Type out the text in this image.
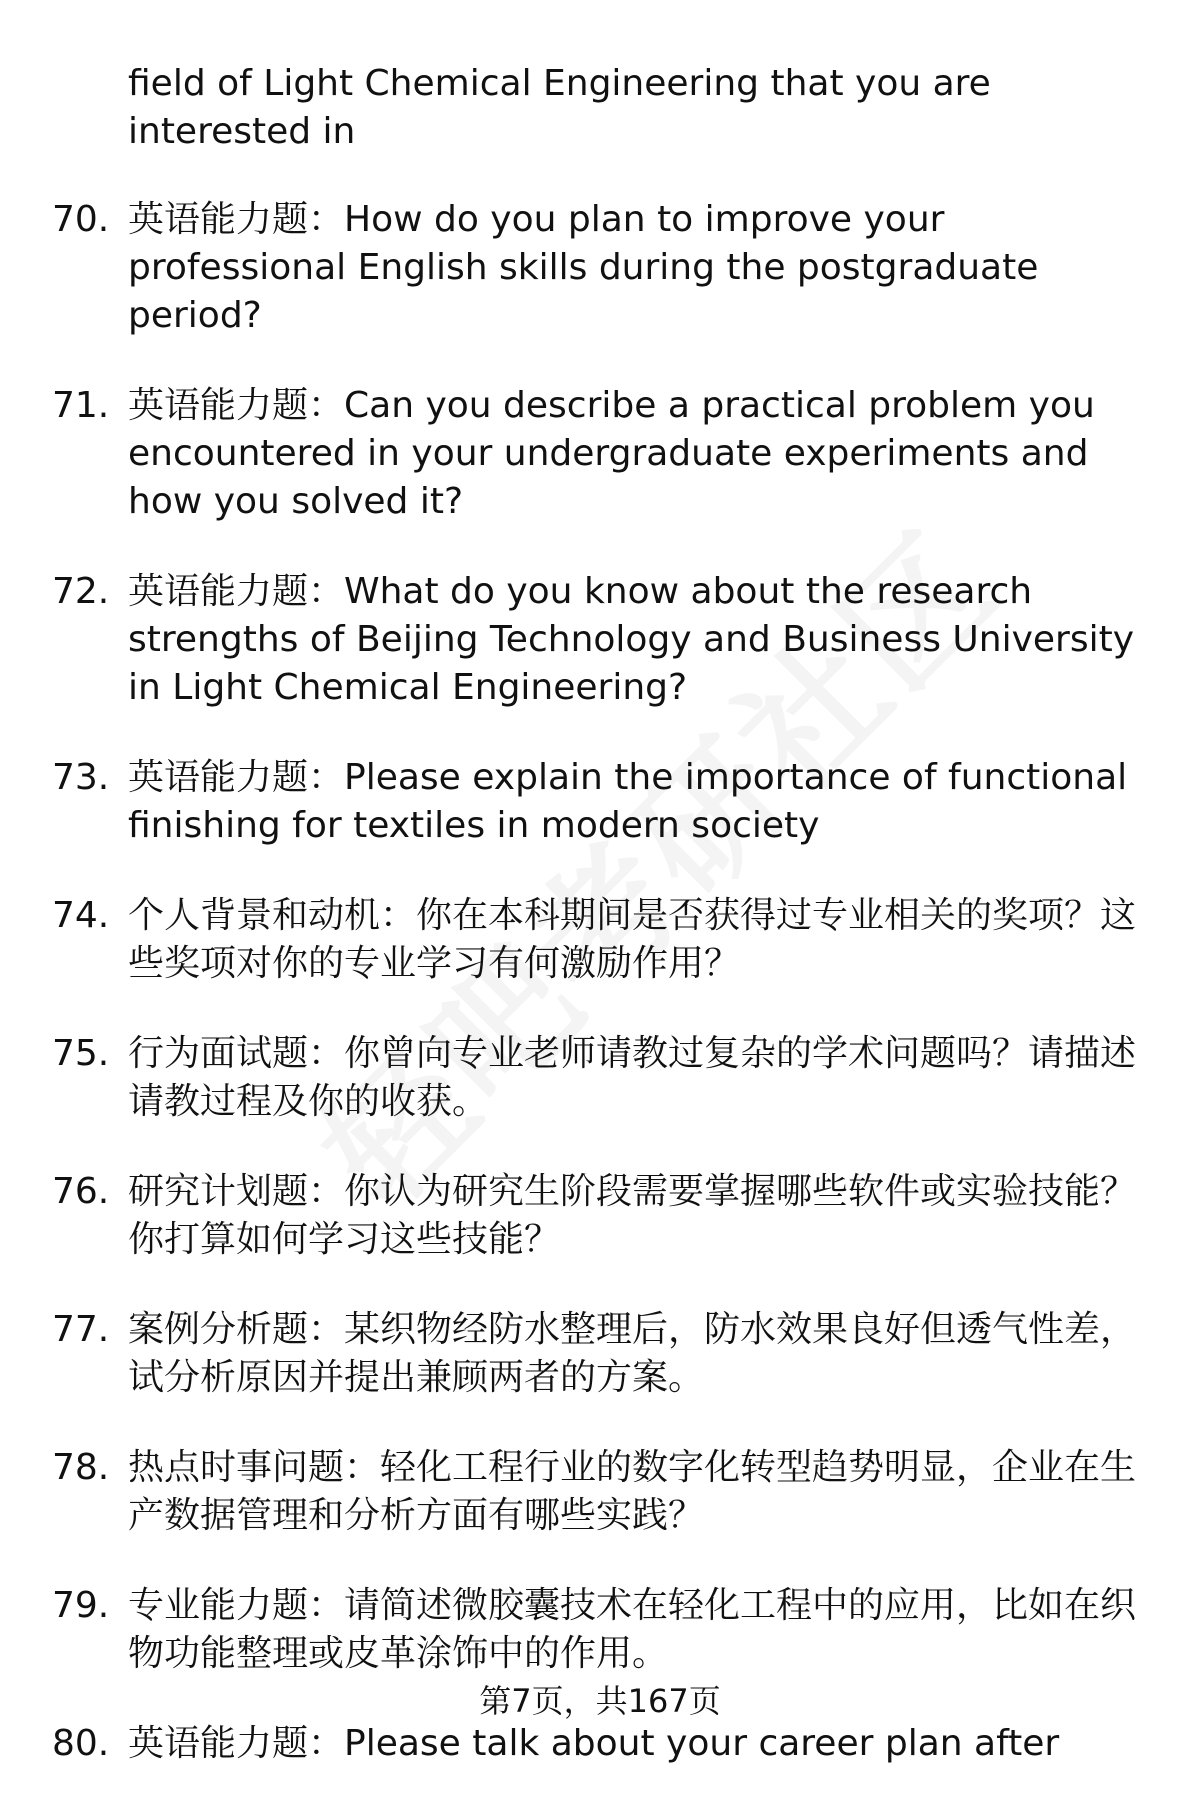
field of Light Chemical Engineering that you are interested in
70. 英语能力题：How do you plan to improve your professional English skills during the postgraduate period?
71. 英语能力题：Can you describe a practical problem you encountered in your undergraduate experiments and how you solved it?
72. 英语能力题：What do you know about the research strengths of Beijing Technology and Business University in Light Chemical Engineering?
73. 英语能力题：Please explain the importance of functional finishing for textiles in modern society
74. 个人背景和动机：你在本科期间是否获得过专业相关的奖项？这些奖项对你的专业学习有何激励作用？
75. 行为面试题：你曾向专业老师请教过复杂的学术问题吗？请描述请教过程及你的收获。
76. 研究计划题：你认为研究生阶段需要掌握哪些软件或实验技能？你打算如何学习这些技能？
77. 案例分析题：某织物经防水整理后，防水效果良好但透气性差，试分析原因并提出兼顾两者的方案。
78. 热点时事问题：轻化工程行业的数字化转型趋势明显，企业在生产数据管理和分析方面有哪些实践？
79. 专业能力题：请简述微胶囊技术在轻化工程中的应用，比如在织物功能整理或皮革涂饰中的作用。
80. 英语能力题：Please talk about your career plan after
第7页，共167页
